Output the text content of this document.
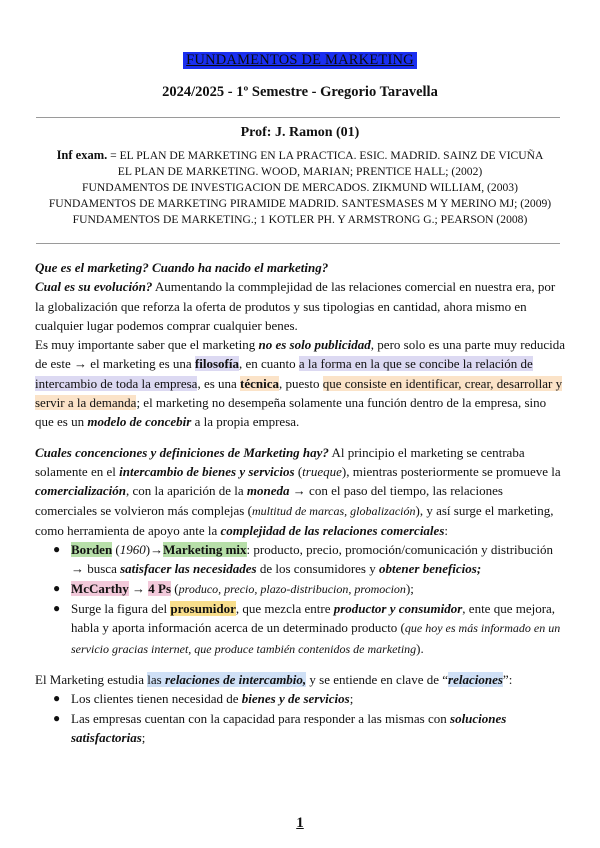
FUNDAMENTOS DE MARKETING
2024/2025 - 1º Semestre - Gregorio Taravella
Prof: J. Ramon (01)
Inf exam. = EL PLAN DE MARKETING EN LA PRACTICA. ESIC. MADRID. SAINZ DE VICUÑA
EL PLAN DE MARKETING. WOOD, MARIAN; PRENTICE HALL; (2002)
FUNDAMENTOS DE INVESTIGACION DE MERCADOS. ZIKMUND WILLIAM, (2003)
FUNDAMENTOS DE MARKETING PIRAMIDE MADRID. SANTESMASES M Y MERINO MJ; (2009)
FUNDAMENTOS DE MARKETING.; 1 KOTLER PH. Y ARMSTRONG G.; PEARSON (2008)

Que es el marketing? Cuando ha nacido el marketing?

Cual es su evolución? Aumentando la commplejidad de las relaciones comercial en nuestra era, por la globalización que reforza la oferta de produtos y sus tipologias en cantidad, ahora mismo en cualquier lugar podemos comprar cualquier benes.

Es muy importante saber que el marketing no es solo publicidad, pero solo es una parte muy reducida de este → el marketing es una filosofía, en cuanto a la forma en la que se concibe la relación de intercambio de toda la empresa, es una técnica, puesto que consiste en identificar, crear, desarrollar y servir a la demanda; el marketing no desempeña solamente una función dentro de la empresa, sino que es un modelo de concebir a la propia empresa.

Cuales concenciones y definiciones de Marketing hay? Al principio el marketing se centraba solamente en el intercambio de bienes y servicios (trueque), mientras posteriormente se promueve la comercialización, con la aparición de la moneda → con el paso del tiempo, las relaciones comerciales se volvieron más complejas (multitud de marcas, globalización), y así surge el marketing, como herramienta de apoyo ante la complejidad de las relaciones comerciales:

● Borden (1960)→Marketing mix: producto, precio, promoción/comunicación y distribución → busca satisfacer las necesidades de los consumidores y obtener beneficios;
● McCarthy → 4 Ps (produco, precio, plazo-distribucion, promocion);
● Surge la figura del prosumidor, que mezcla entre productor y consumidor, ente que mejora, habla y aporta información acerca de un determinado producto (que hoy es más informado en un servicio gracias internet, que produce también contenidos de marketing).

El Marketing estudia las relaciones de intercambio, y se entiende en clave de “relaciones”:

● Los clientes tienen necesidad de bienes y de servicios;
● Las empresas cuentan con la capacidad para responder a las mismas con soluciones satisfactorias;
1
